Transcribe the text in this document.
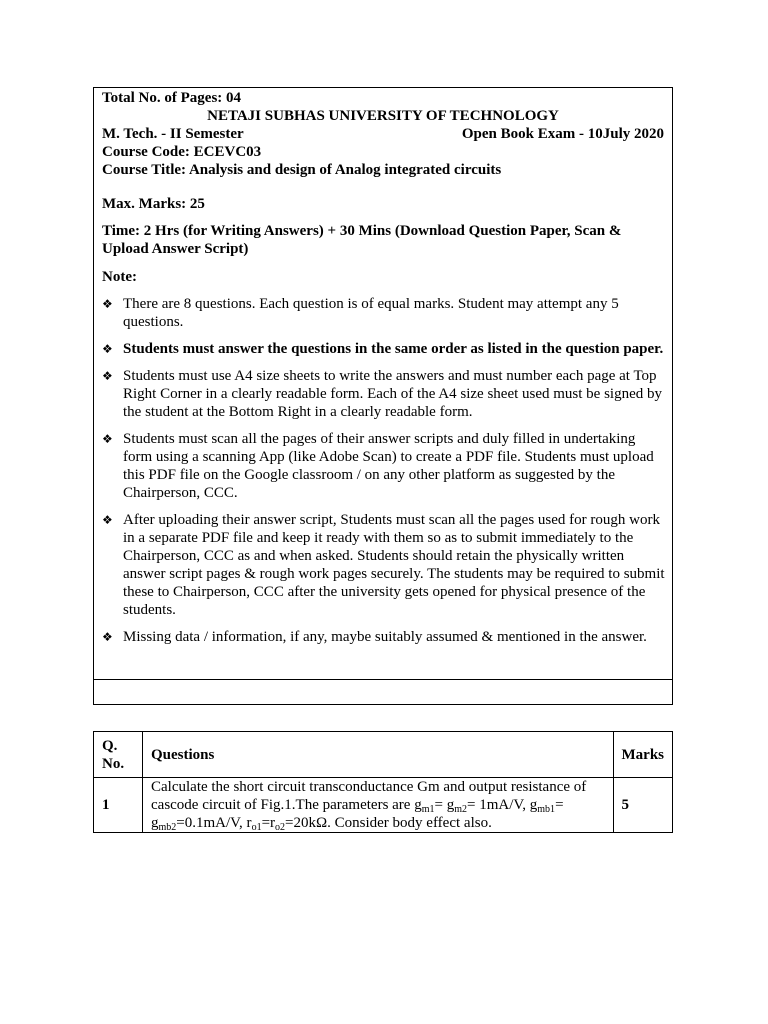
Total No. of Pages: 04
NETAJI SUBHAS UNIVERSITY OF TECHNOLOGY
M. Tech. - II Semester	Open Book Exam - 10July 2020
Course Code: ECEVC03
Course Title: Analysis and design of Analog integrated circuits
Max. Marks: 25
Time: 2 Hrs (for Writing Answers) + 30 Mins (Download Question Paper, Scan & Upload Answer Script)
Note:
❖ There are 8 questions. Each question is of equal marks. Student may attempt any 5 questions.
❖ Students must answer the questions in the same order as listed in the question paper.
❖ Students must use A4 size sheets to write the answers and must number each page at Top Right Corner in a clearly readable form. Each of the A4 size sheet used must be signed by the student at the Bottom Right in a clearly readable form.
❖ Students must scan all the pages of their answer scripts and duly filled in undertaking form using a scanning App (like Adobe Scan) to create a PDF file. Students must upload this PDF file on the Google classroom / on any other platform as suggested by the Chairperson, CCC.
❖ After uploading their answer script, Students must scan all the pages used for rough work in a separate PDF file and keep it ready with them so as to submit immediately to the Chairperson, CCC as and when asked. Students should retain the physically written answer script pages & rough work pages securely. The students may be required to submit these to Chairperson, CCC after the university gets opened for physical presence of the students.
❖ Missing data / information, if any, maybe suitably assumed & mentioned in the answer.
Q. No.	Questions	Marks
1	Calculate the short circuit transconductance Gm and output resistance of cascode circuit of Fig.1.The parameters are $g_{m1}= g_{m2}= 1mA/V$, $g_{mb1}= g_{mb2}=0.1mA/V$, $r_{o1}=r_{o2}=20k\Omega$. Consider body effect also.	5
